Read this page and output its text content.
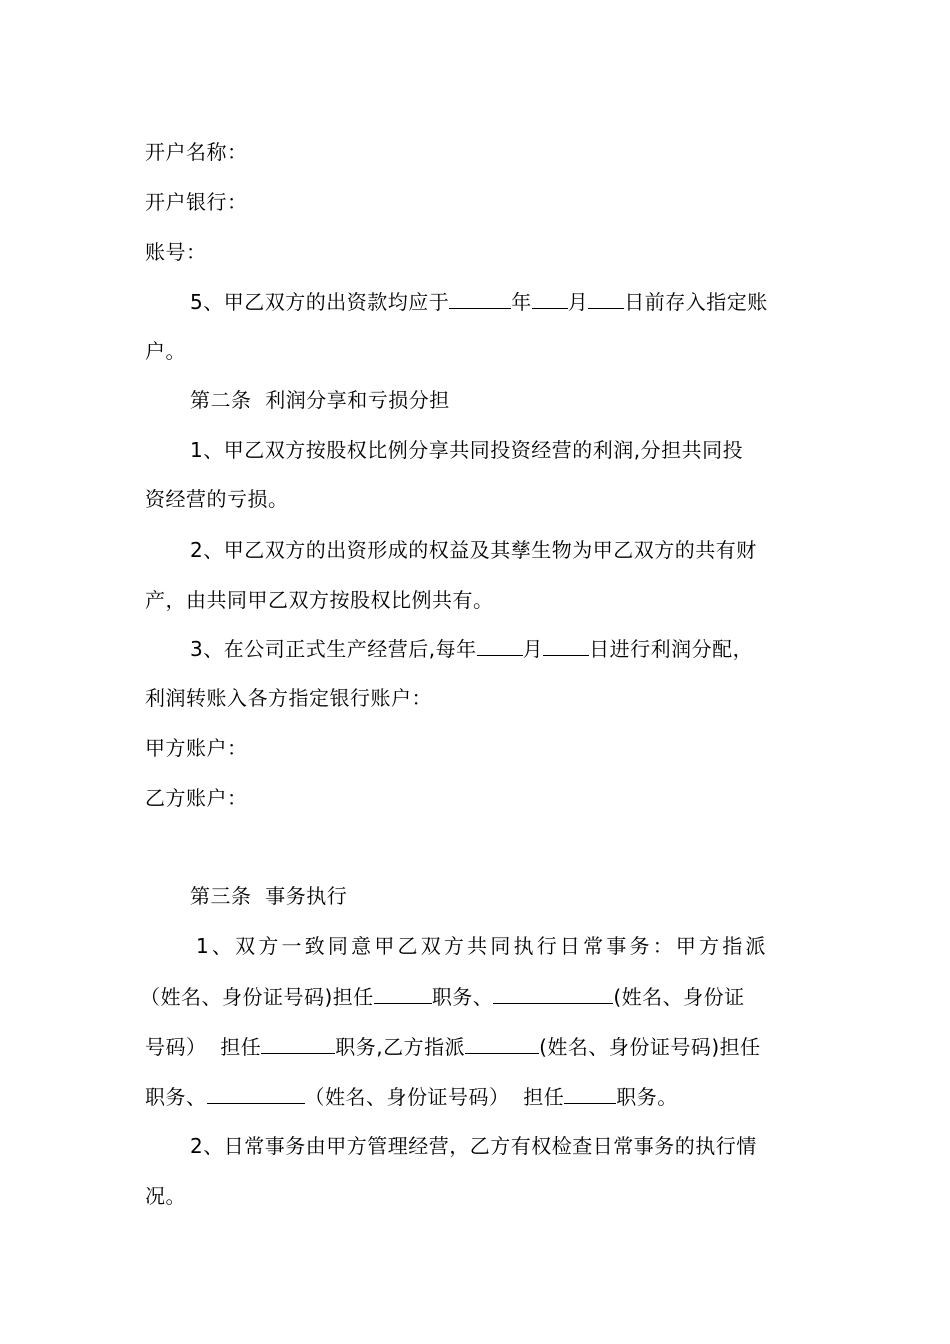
开户名称：
开户银行：
账号：
5、甲乙双方的出资款均应于	年 月 日前存入指定账
户。
第二条  利润分享和亏损分担
1、甲乙双方按股权比例分享共同投资经营的利润,分担共同投
资经营的亏损。
2、甲乙双方的出资形成的权益及其孳生物为甲乙双方的共有财
产，由共同甲乙双方按股权比例共有。
3、在公司正式生产经营后,每年 月 日进行利润分配，
利润转账入各方指定银行账户：
甲方账户：
乙方账户：
第三条  事务执行
1、双方一致同意甲乙双方共同执行日常事务：甲方指派
（姓名、身份证号码)担任	职务、	(姓名、身份证
号码）  担任	职务,乙方指派	(姓名、身份证号码)担任
职务、	（姓名、身份证号码）  担任	职务。
2、日常事务由甲方管理经营，乙方有权检查日常事务的执行情
况。
